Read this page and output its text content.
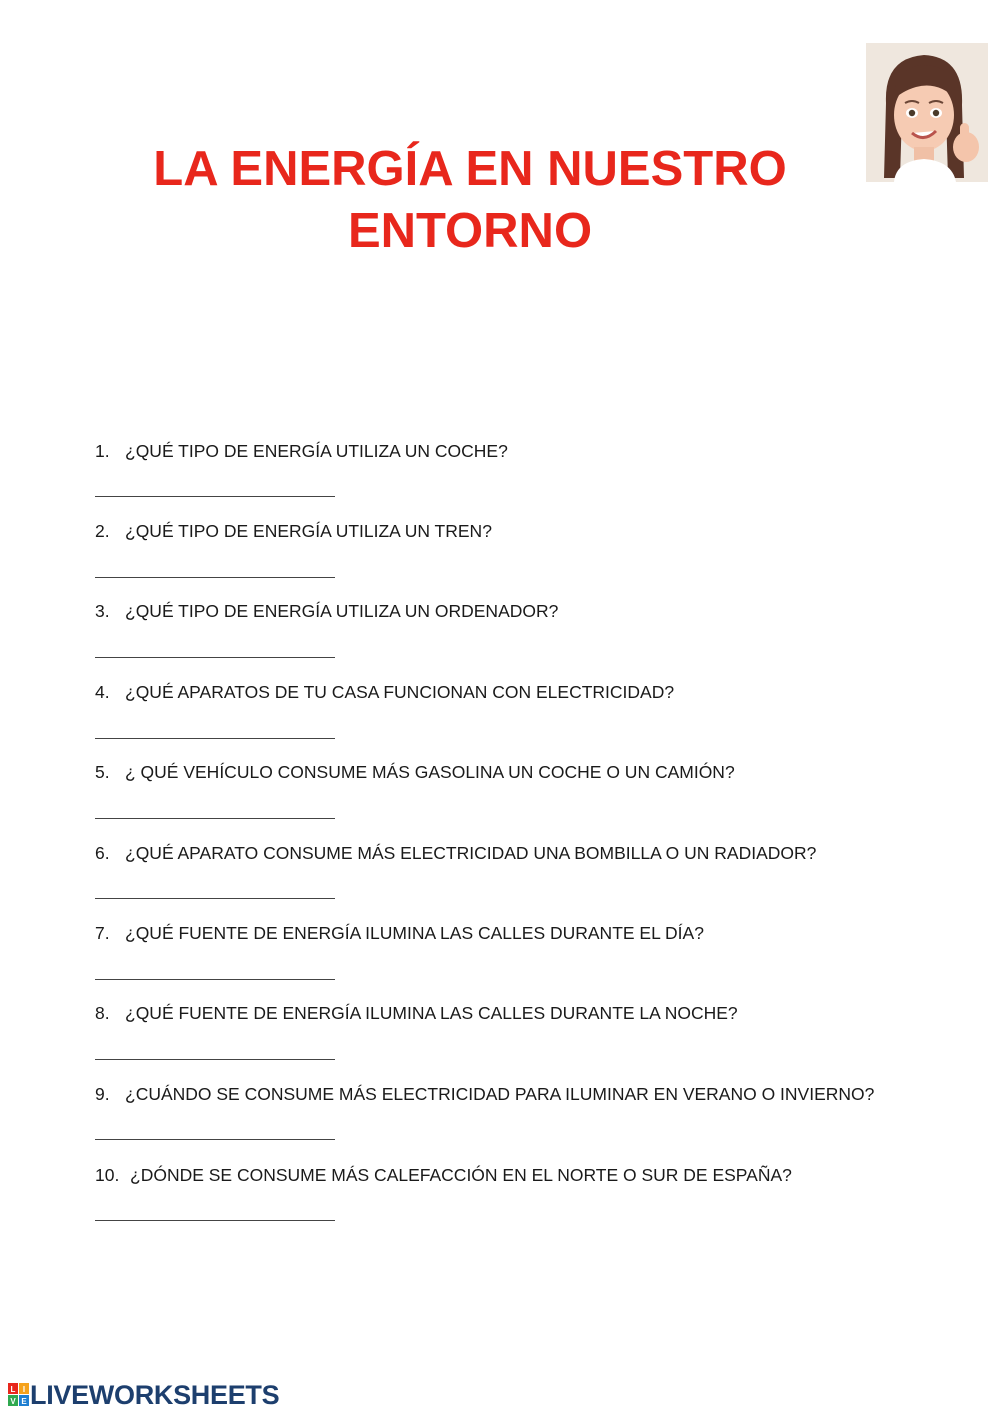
LA ENERGÍA EN NUESTRO ENTORNO
1. ¿QUÉ TIPO DE ENERGÍA UTILIZA UN COCHE?
2. ¿QUÉ TIPO DE ENERGÍA UTILIZA UN TREN?
3. ¿QUÉ TIPO DE ENERGÍA UTILIZA UN ORDENADOR?
4. ¿QUÉ APARATOS DE TU CASA FUNCIONAN CON ELECTRICIDAD?
5. ¿ QUÉ VEHÍCULO CONSUME MÁS GASOLINA UN COCHE O UN CAMIÓN?
6. ¿QUÉ APARATO CONSUME MÁS ELECTRICIDAD UNA BOMBILLA O UN RADIADOR?
7. ¿QUÉ FUENTE DE ENERGÍA ILUMINA LAS CALLES DURANTE EL DÍA?
8. ¿QUÉ FUENTE DE ENERGÍA ILUMINA LAS CALLES DURANTE LA NOCHE?
9. ¿CUÁNDO SE CONSUME MÁS ELECTRICIDAD PARA ILUMINAR EN VERANO O INVIERNO?
10. ¿DÓNDE SE CONSUME MÁS CALEFACCIÓN EN EL NORTE O SUR DE ESPAÑA?
L I
V E LIVEWORKSHEETS
